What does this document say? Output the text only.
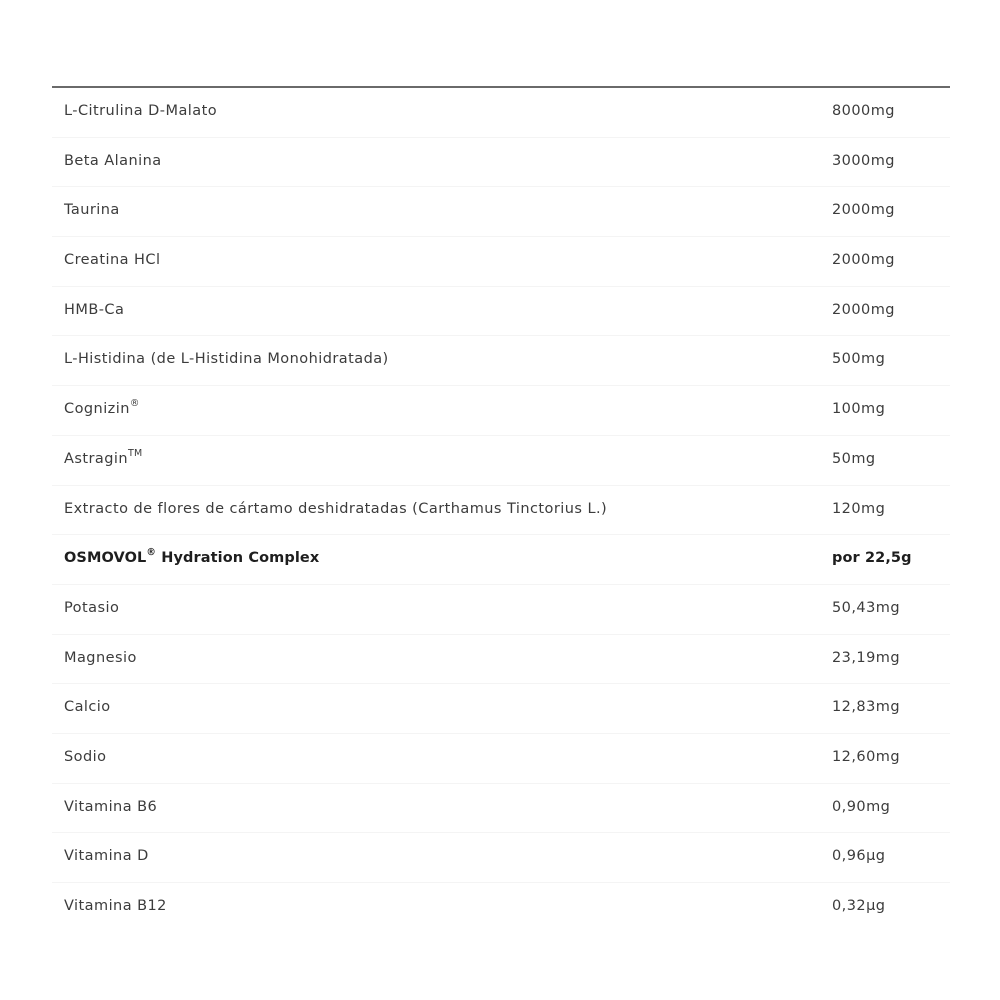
L-Citrulina D-Malato	8000mg
Beta Alanina	3000mg
Taurina	2000mg
Creatina HCl	2000mg
HMB-Ca	2000mg
L-Histidina (de L-Histidina Monohidratada)	500mg
Cognizin®	100mg
Astragin™	50mg
Extracto de flores de cártamo deshidratadas (Carthamus Tinctorius L.)	120mg
OSMOVOL® Hydration Complex	por 22,5g
Potasio	50,43mg
Magnesio	23,19mg
Calcio	12,83mg
Sodio	12,60mg
Vitamina B6	0,90mg
Vitamina D	0,96µg
Vitamina B12	0,32µg
